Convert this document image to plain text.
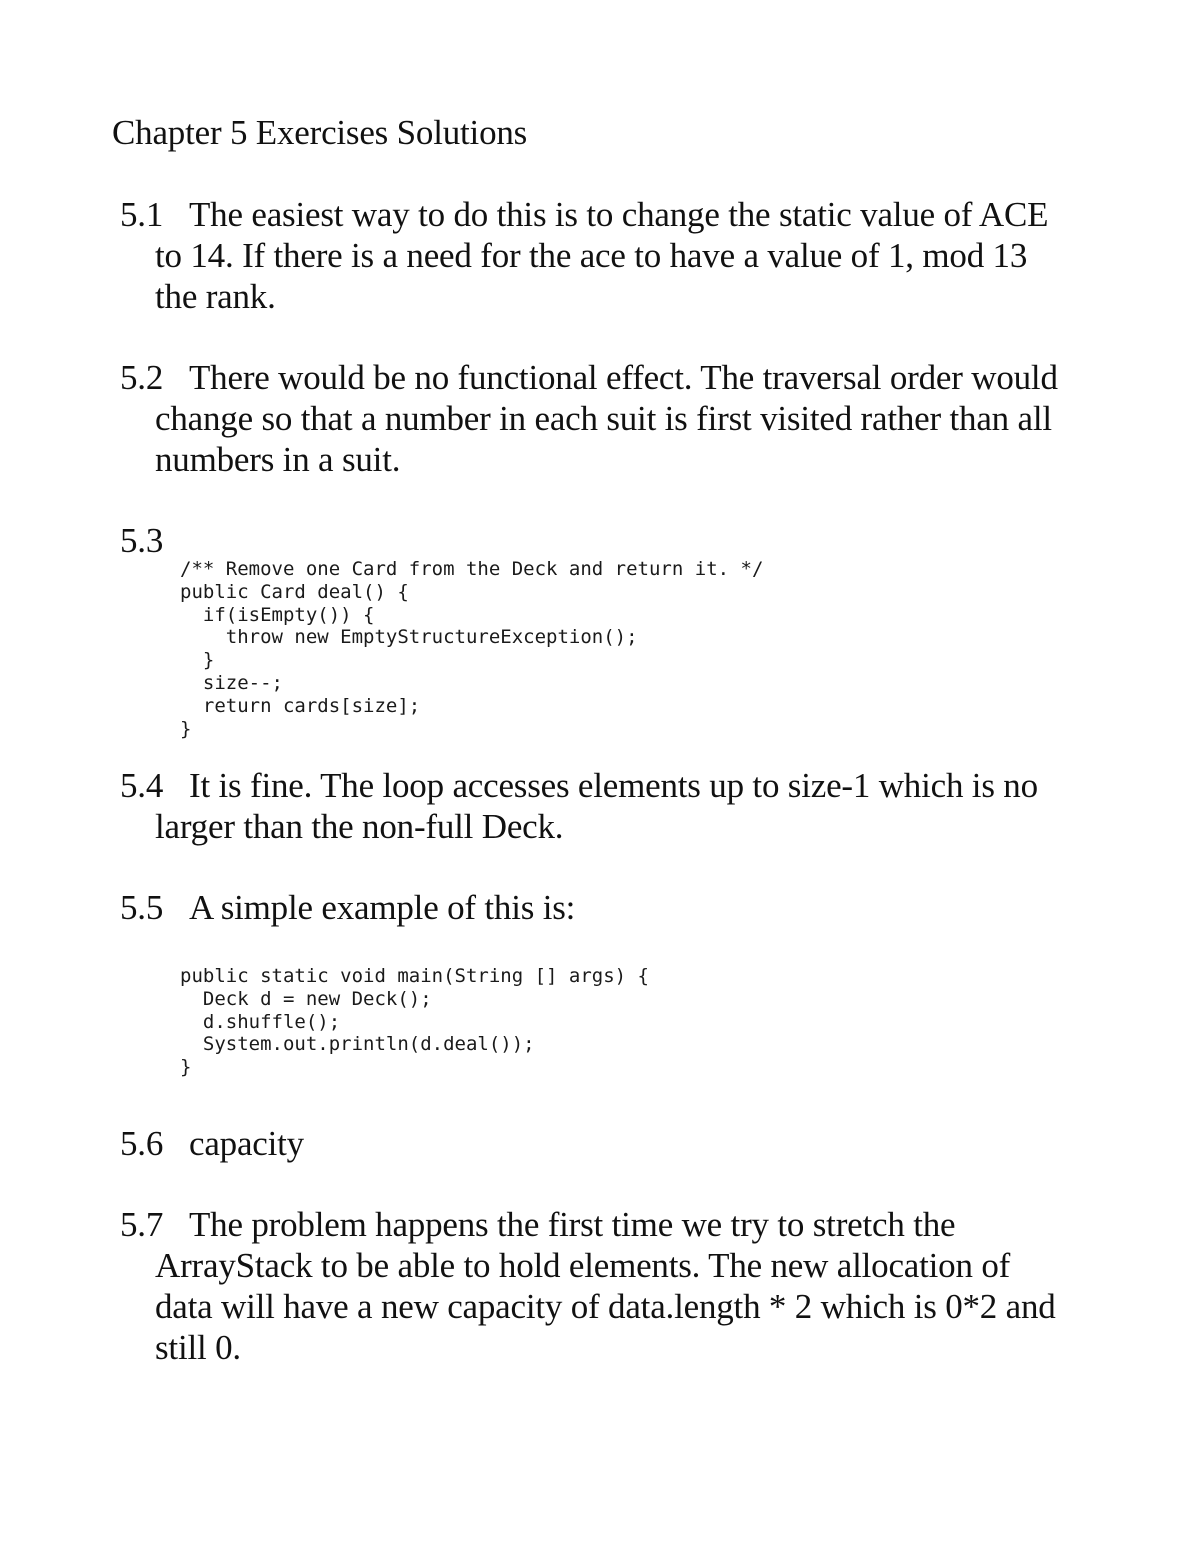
Chapter 5 Exercises Solutions
5.1 The easiest way to do this is to change the static value of ACE
to 14. If there is a need for the ace to have a value of 1, mod 13
the rank.
5.2 There would be no functional effect. The traversal order would
change so that a number in each suit is first visited rather than all
numbers in a suit.
5.3
/** Remove one Card from the Deck and return it. */
public Card deal() {
if(isEmpty()) {
throw new EmptyStructureException();
}
size--;
return cards[size];
}
5.4 It is fine. The loop accesses elements up to size-1 which is no
larger than the non-full Deck.
5.5 A simple example of this is:
public static void main(String [] args) {
Deck d = new Deck();
d.shuffle();
System.out.println(d.deal());
}
5.6 capacity
5.7 The problem happens the first time we try to stretch the
ArrayStack to be able to hold elements. The new allocation of
data will have a new capacity of data.length * 2 which is 0*2 and
still 0.
